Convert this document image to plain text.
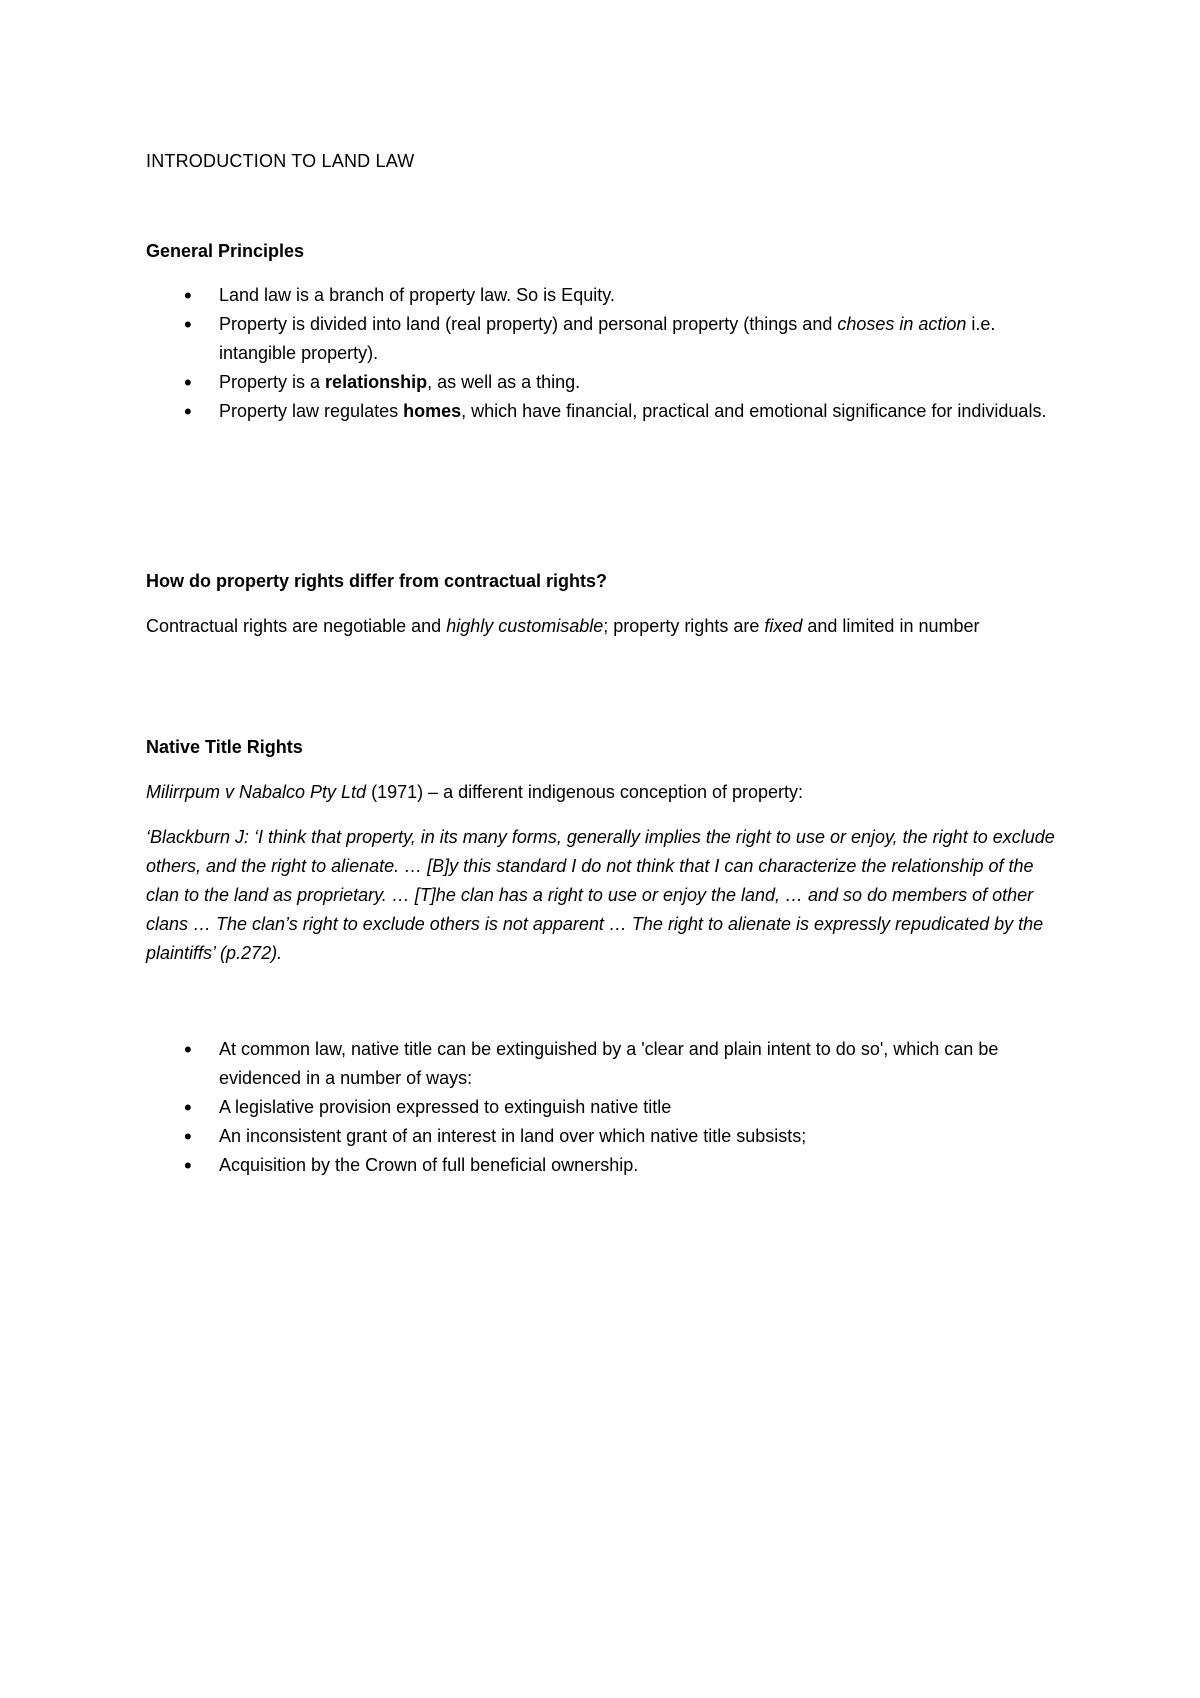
INTRODUCTION TO LAND LAW

General Principles

• Land law is a branch of property law. So is Equity.
• Property is divided into land (real property) and personal property (things and choses in action i.e. intangible property).
• Property is a relationship, as well as a thing.
• Property law regulates homes, which have financial, practical and emotional significance for individuals.

How do property rights differ from contractual rights?

Contractual rights are negotiable and highly customisable; property rights are fixed and limited in number

Native Title Rights

Milirrpum v Nabalco Pty Ltd (1971) – a different indigenous conception of property:

‘Blackburn J: ‘I think that property, in its many forms, generally implies the right to use or enjoy, the right to exclude others, and the right to alienate. … [B]y this standard I do not think that I can characterize the relationship of the clan to the land as proprietary. … [T]he clan has a right to use or enjoy the land, … and so do members of other clans … The clan’s right to exclude others is not apparent … The right to alienate is expressly repudicated by the plaintiffs’ (p.272).

• At common law, native title can be extinguished by a 'clear and plain intent to do so', which can be evidenced in a number of ways:
• A legislative provision expressed to extinguish native title
• An inconsistent grant of an interest in land over which native title subsists;
• Acquisition by the Crown of full beneficial ownership.
